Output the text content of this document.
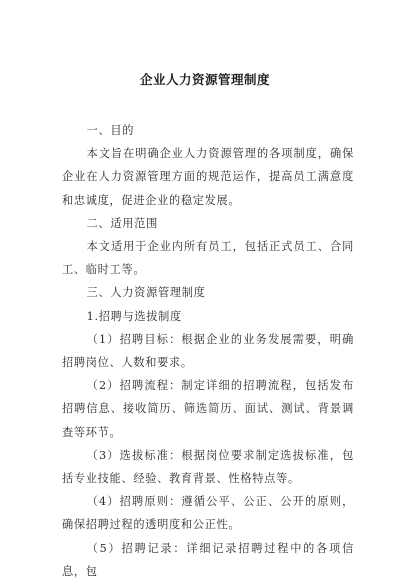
企业人力资源管理制度

一、目的

本文旨在明确企业人力资源管理的各项制度，确保企业在人力资源管理方面的规范运作，提高员工满意度和忠诚度，促进企业的稳定发展。

二、适用范围

本文适用于企业内所有员工，包括正式员工、合同工、临时工等。

三、人力资源管理制度

1.招聘与选拔制度

（1）招聘目标：根据企业的业务发展需要，明确招聘岗位、人数和要求。

（2）招聘流程：制定详细的招聘流程，包括发布招聘信息、接收简历、筛选简历、面试、测试、背景调查等环节。

（3）选拔标准：根据岗位要求制定选拔标准，包括专业技能、经验、教育背景、性格特点等。

（4）招聘原则：遵循公平、公正、公开的原则，确保招聘过程的透明度和公正性。

（5）招聘记录：详细记录招聘过程中的各项信息，包
